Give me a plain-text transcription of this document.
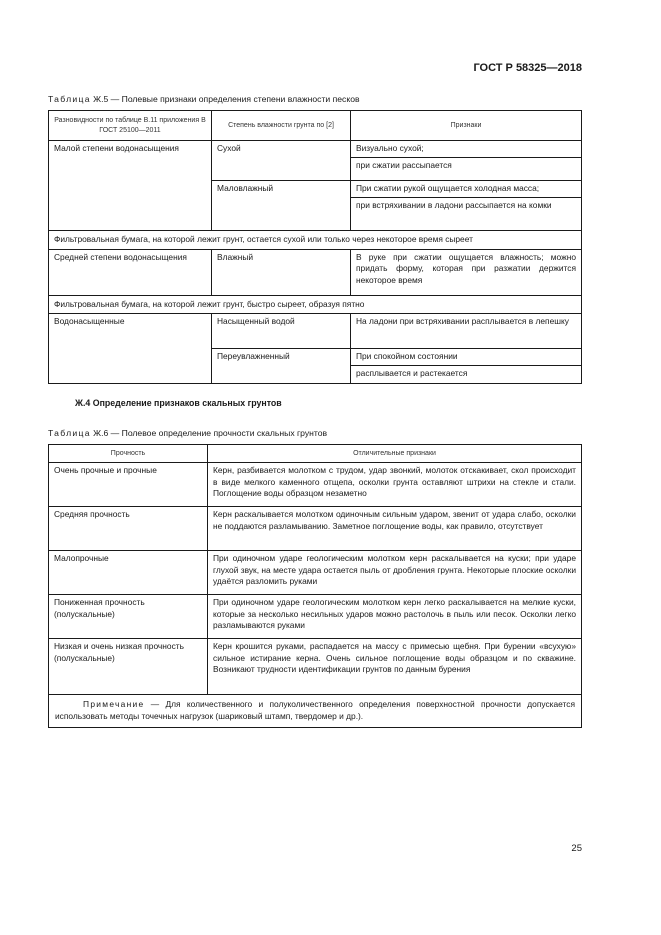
ГОСТ Р 58325—2018
Таблица Ж.5 — Полевые признаки определения степени влажности песков
Разновидности по таблице В.11 приложения В ГОСТ 25100—2011	Степень влажности грунта по [2]	Признаки
Малой степени водонасыщения	Сухой	Визуально сухой;
при сжатии рассыпается

	Маловлажный	При сжатии рукой ощущается холодная масса;
при встряхивании в ладони рассыпается на комки

Фильтровальная бумага, на которой лежит грунт, остается сухой или только через некоторое время сыреет		
Средней степени водонасыщения	Влажный	В руке при сжатии ощущается влажность; можно придать форму, которая при разжатии держится некоторое время
Фильтровальная бумага, на которой лежит грунт, быстро сыреет, образуя пятно		
Водонасыщенные	Насыщенный водой	На ладони при встряхивании расплывается в лепешку
	Переувлажненный	При спокойном состоянии
расплывается и растекается
Ж.4 Определение признаков скальных грунтов
Таблица Ж.6 — Полевое определение прочности скальных грунтов
Прочность	Отличительные признаки
Очень прочные и прочные	Керн, разбивается молотком с трудом, удар звонкий, молоток отскакивает, скол происходит в виде мелкого каменного отщепа, осколки грунта оставляют штрихи на стекле и стали. Поглощение воды образцом незаметно
Средняя прочность	Керн раскалывается молотком одиночным сильным ударом, звенит от удара слабо, осколки не поддаются разламыванию. Заметное поглощение воды, как правило, отсутствует
Малопрочные	При одиночном ударе геологическим молотком керн раскалывается на куски; при ударе глухой звук, на месте удара остается пыль от дробления грунта. Некоторые плоские осколки удаётся разломить руками
Пониженная прочность (полускальные)	При одиночном ударе геологическим молотком керн легко раскалывается на мелкие куски, которые за несколько несильных ударов можно растолочь в пыль или песок. Осколки легко разламываются руками
Низкая и очень низкая прочность (полускальные)	Керн крошится руками, распадается на массу с примесью щебня. При бурении «всухую» сильное истирание керна. Очень сильное поглощение воды образцом и по скважине. Возникают трудности идентификации грунтов по данным бурения
Примечание — Для количественного и полуколичественного определения поверхностной прочности допускается использовать методы точечных нагрузок (шариковый штамп, твердомер и др.).	
25
